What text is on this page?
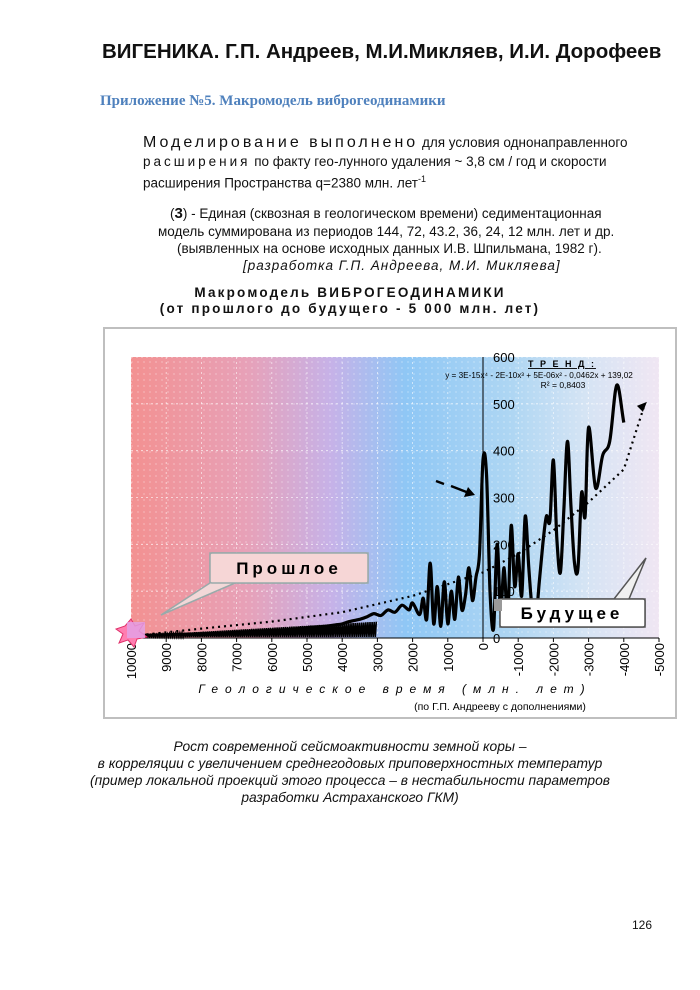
ВИГЕНИКА. Г.П. Андреев, М.И.Микляев, И.И. Дорофеев
Приложение №5. Макромодель виброгеодинамики
Моделирование выполнено для условия однонаправленного
расширения по факту гео-лунного удаления ~ 3,8 см / год и скорости
расширения Пространства q=2380 млн. лет$^{-1}$
(3) - Единая (сквозная в геологическом времени) седиментационная
модель суммирована из периодов 144, 72, 43.2, 36, 24, 12 млн. лет и др.
(выявленных на основе исходных данных И.В. Шпильмана, 1982 г).
[разработка Г.П. Андреева, М.И. Микляева]
Макромодель ВИБРОГЕОДИНАМИКИ
(от прошлого до будущего - 5 000 млн. лет)
0
100
200
300
400
500
600
10000 9000 8000 7000 6000 5000 4000 3000 2000 1000 0 -1000 -2000 -3000 -4000 -5000
Т Р Е Н Д :
y = 3E-15x⁴ - 2E-10x³ + 5E-06x² - 0,0462x + 139,02
R² = 0,8403
Прошлое
Будущее
Геологическое время (млн. лет)
(по Г.П. Андрееву с дополнениями)
Рост современной сейсмоактивности земной коры –
в корреляции с увеличением среднегодовых приповерхностных температур
(пример локальной проекций этого процесса – в нестабильности параметров
разработки Астраханского ГКМ)
126
